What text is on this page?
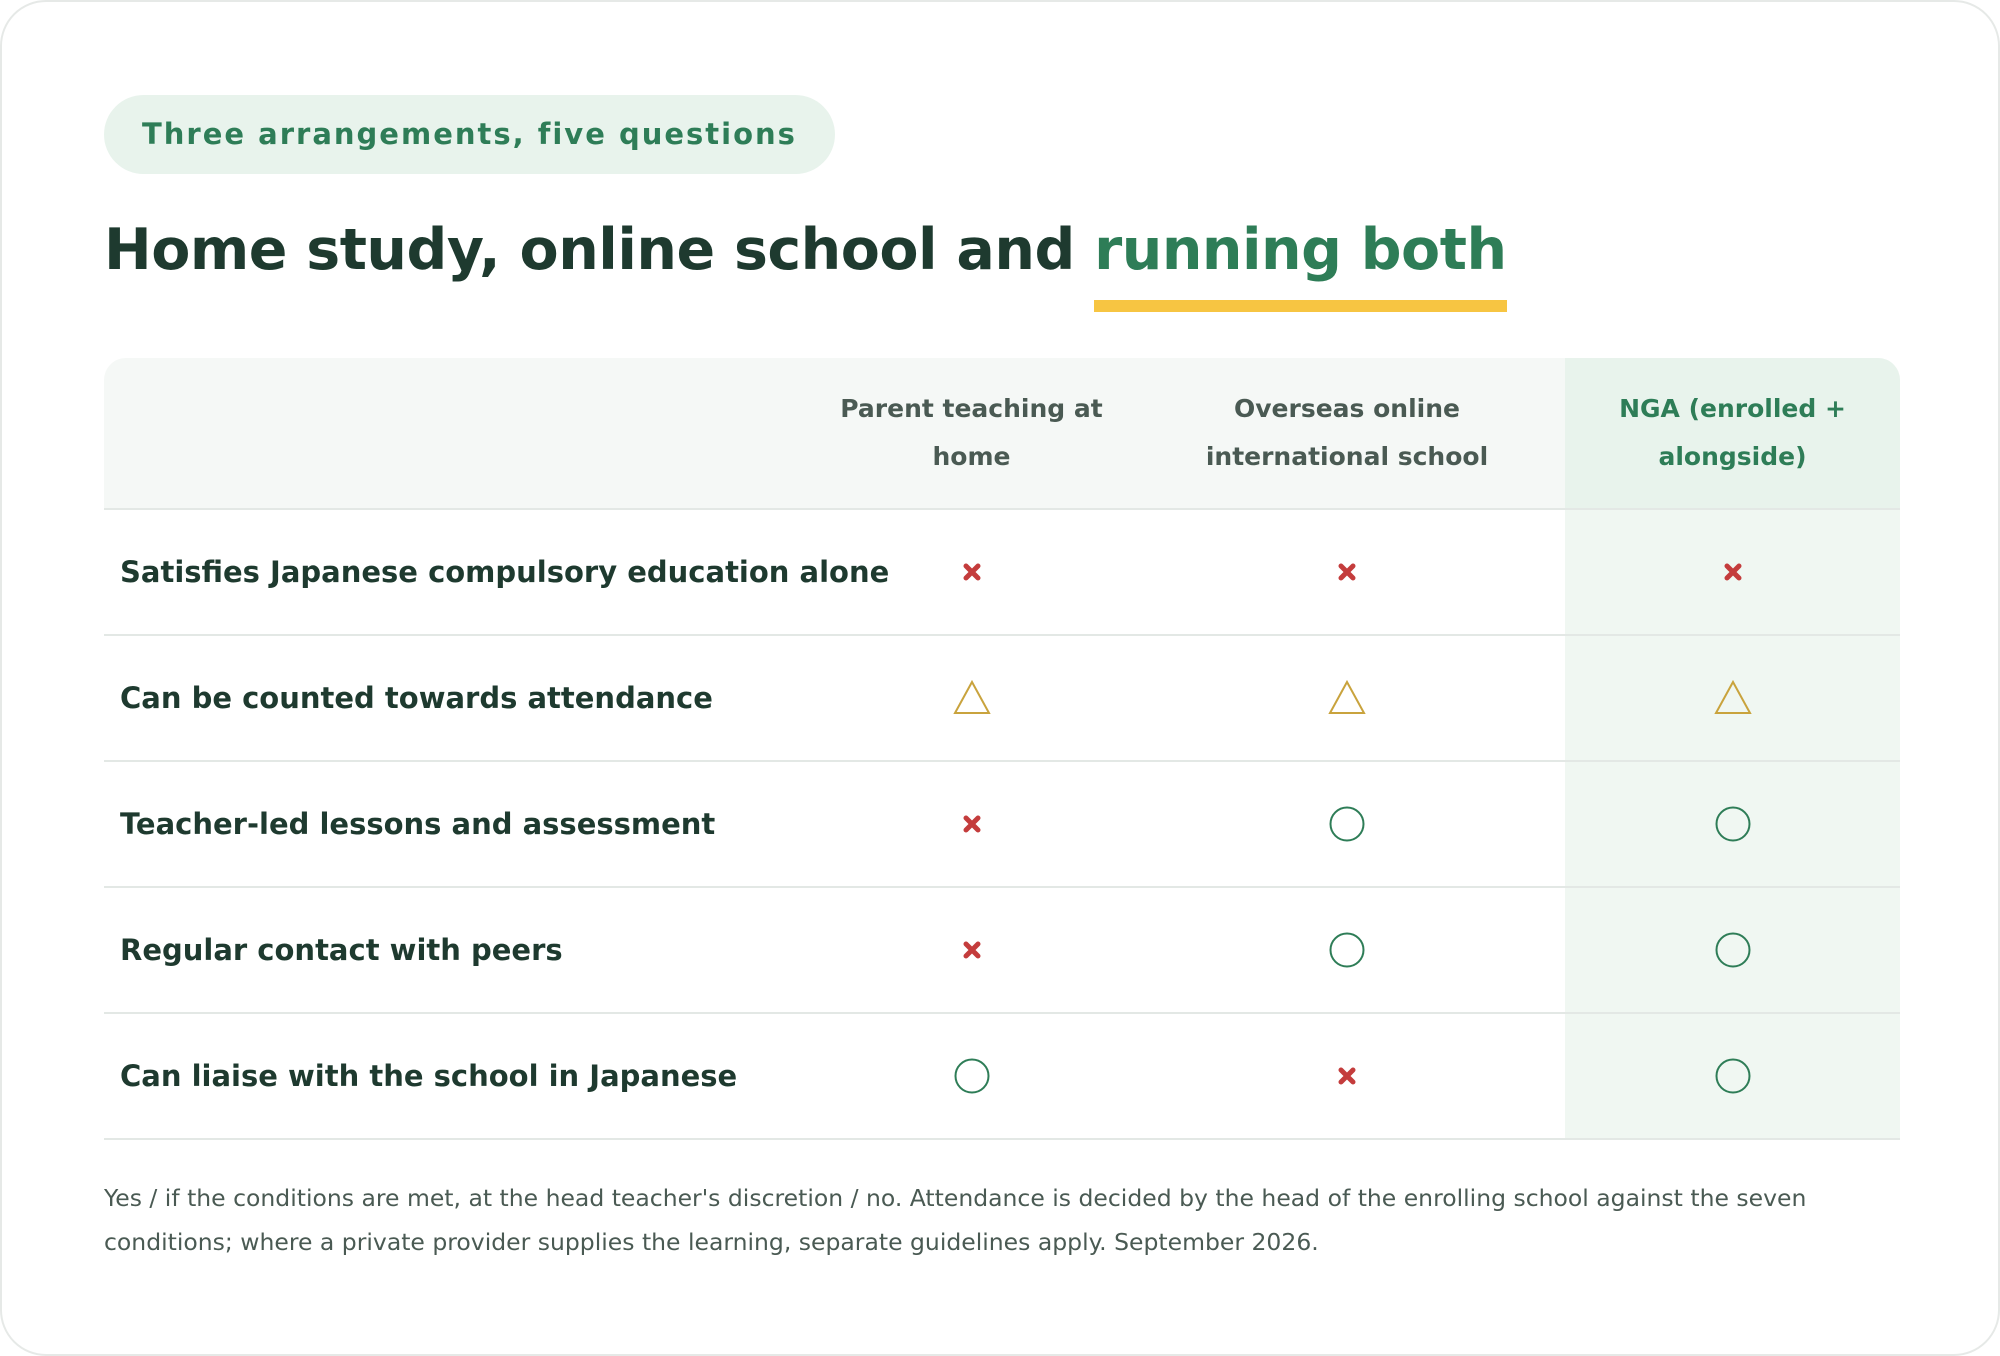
Three arrangements, five questions
Home study, online school and running both
Parent teaching at home
Overseas online international school
NGA (enrolled + alongside)
Satisfies Japanese compulsory education alone
Can be counted towards attendance
Teacher-led lessons and assessment
Regular contact with peers
Can liaise with the school in Japanese

Yes / if the conditions are met, at the head teacher's discretion / no. Attendance is decided by the head of the enrolling school against the seven conditions; where a private provider supplies the learning, separate guidelines apply. September 2026.
